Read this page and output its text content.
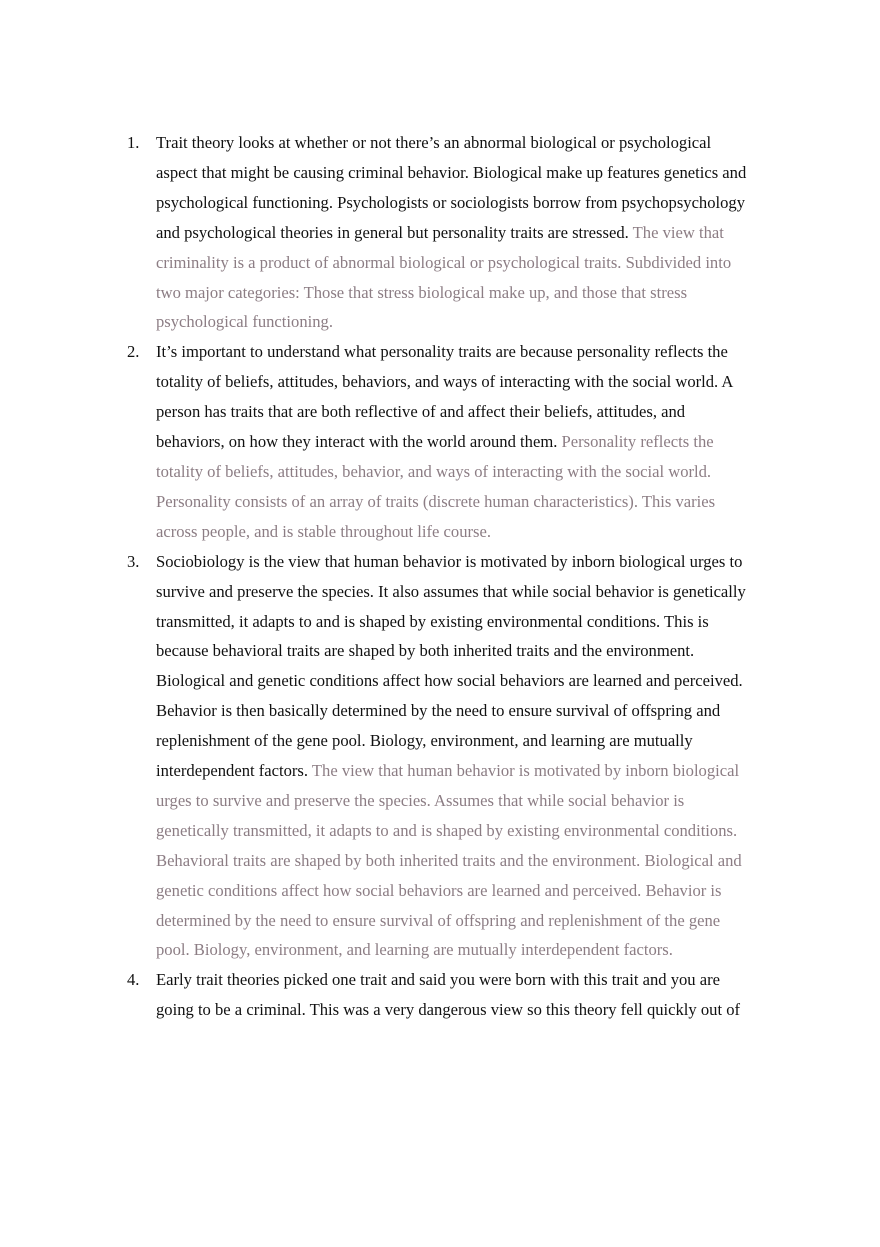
1. Trait theory looks at whether or not there’s an abnormal biological or psychological aspect that might be causing criminal behavior. Biological make up features genetics and psychological functioning. Psychologists or sociologists borrow from psychopsychology and psychological theories in general but personality traits are stressed. The view that criminality is a product of abnormal biological or psychological traits. Subdivided into two major categories: Those that stress biological make up, and those that stress psychological functioning.
2. It’s important to understand what personality traits are because personality reflects the totality of beliefs, attitudes, behaviors, and ways of interacting with the social world. A person has traits that are both reflective of and affect their beliefs, attitudes, and behaviors, on how they interact with the world around them. Personality reflects the totality of beliefs, attitudes, behavior, and ways of interacting with the social world. Personality consists of an array of traits (discrete human characteristics). This varies across people, and is stable throughout life course.
3. Sociobiology is the view that human behavior is motivated by inborn biological urges to survive and preserve the species. It also assumes that while social behavior is genetically transmitted, it adapts to and is shaped by existing environmental conditions. This is because behavioral traits are shaped by both inherited traits and the environment. Biological and genetic conditions affect how social behaviors are learned and perceived. Behavior is then basically determined by the need to ensure survival of offspring and replenishment of the gene pool. Biology, environment, and learning are mutually interdependent factors. The view that human behavior is motivated by inborn biological urges to survive and preserve the species. Assumes that while social behavior is genetically transmitted, it adapts to and is shaped by existing environmental conditions. Behavioral traits are shaped by both inherited traits and the environment. Biological and genetic conditions affect how social behaviors are learned and perceived. Behavior is determined by the need to ensure survival of offspring and replenishment of the gene pool. Biology, environment, and learning are mutually interdependent factors.
4. Early trait theories picked one trait and said you were born with this trait and you are going to be a criminal. This was a very dangerous view so this theory fell quickly out of
